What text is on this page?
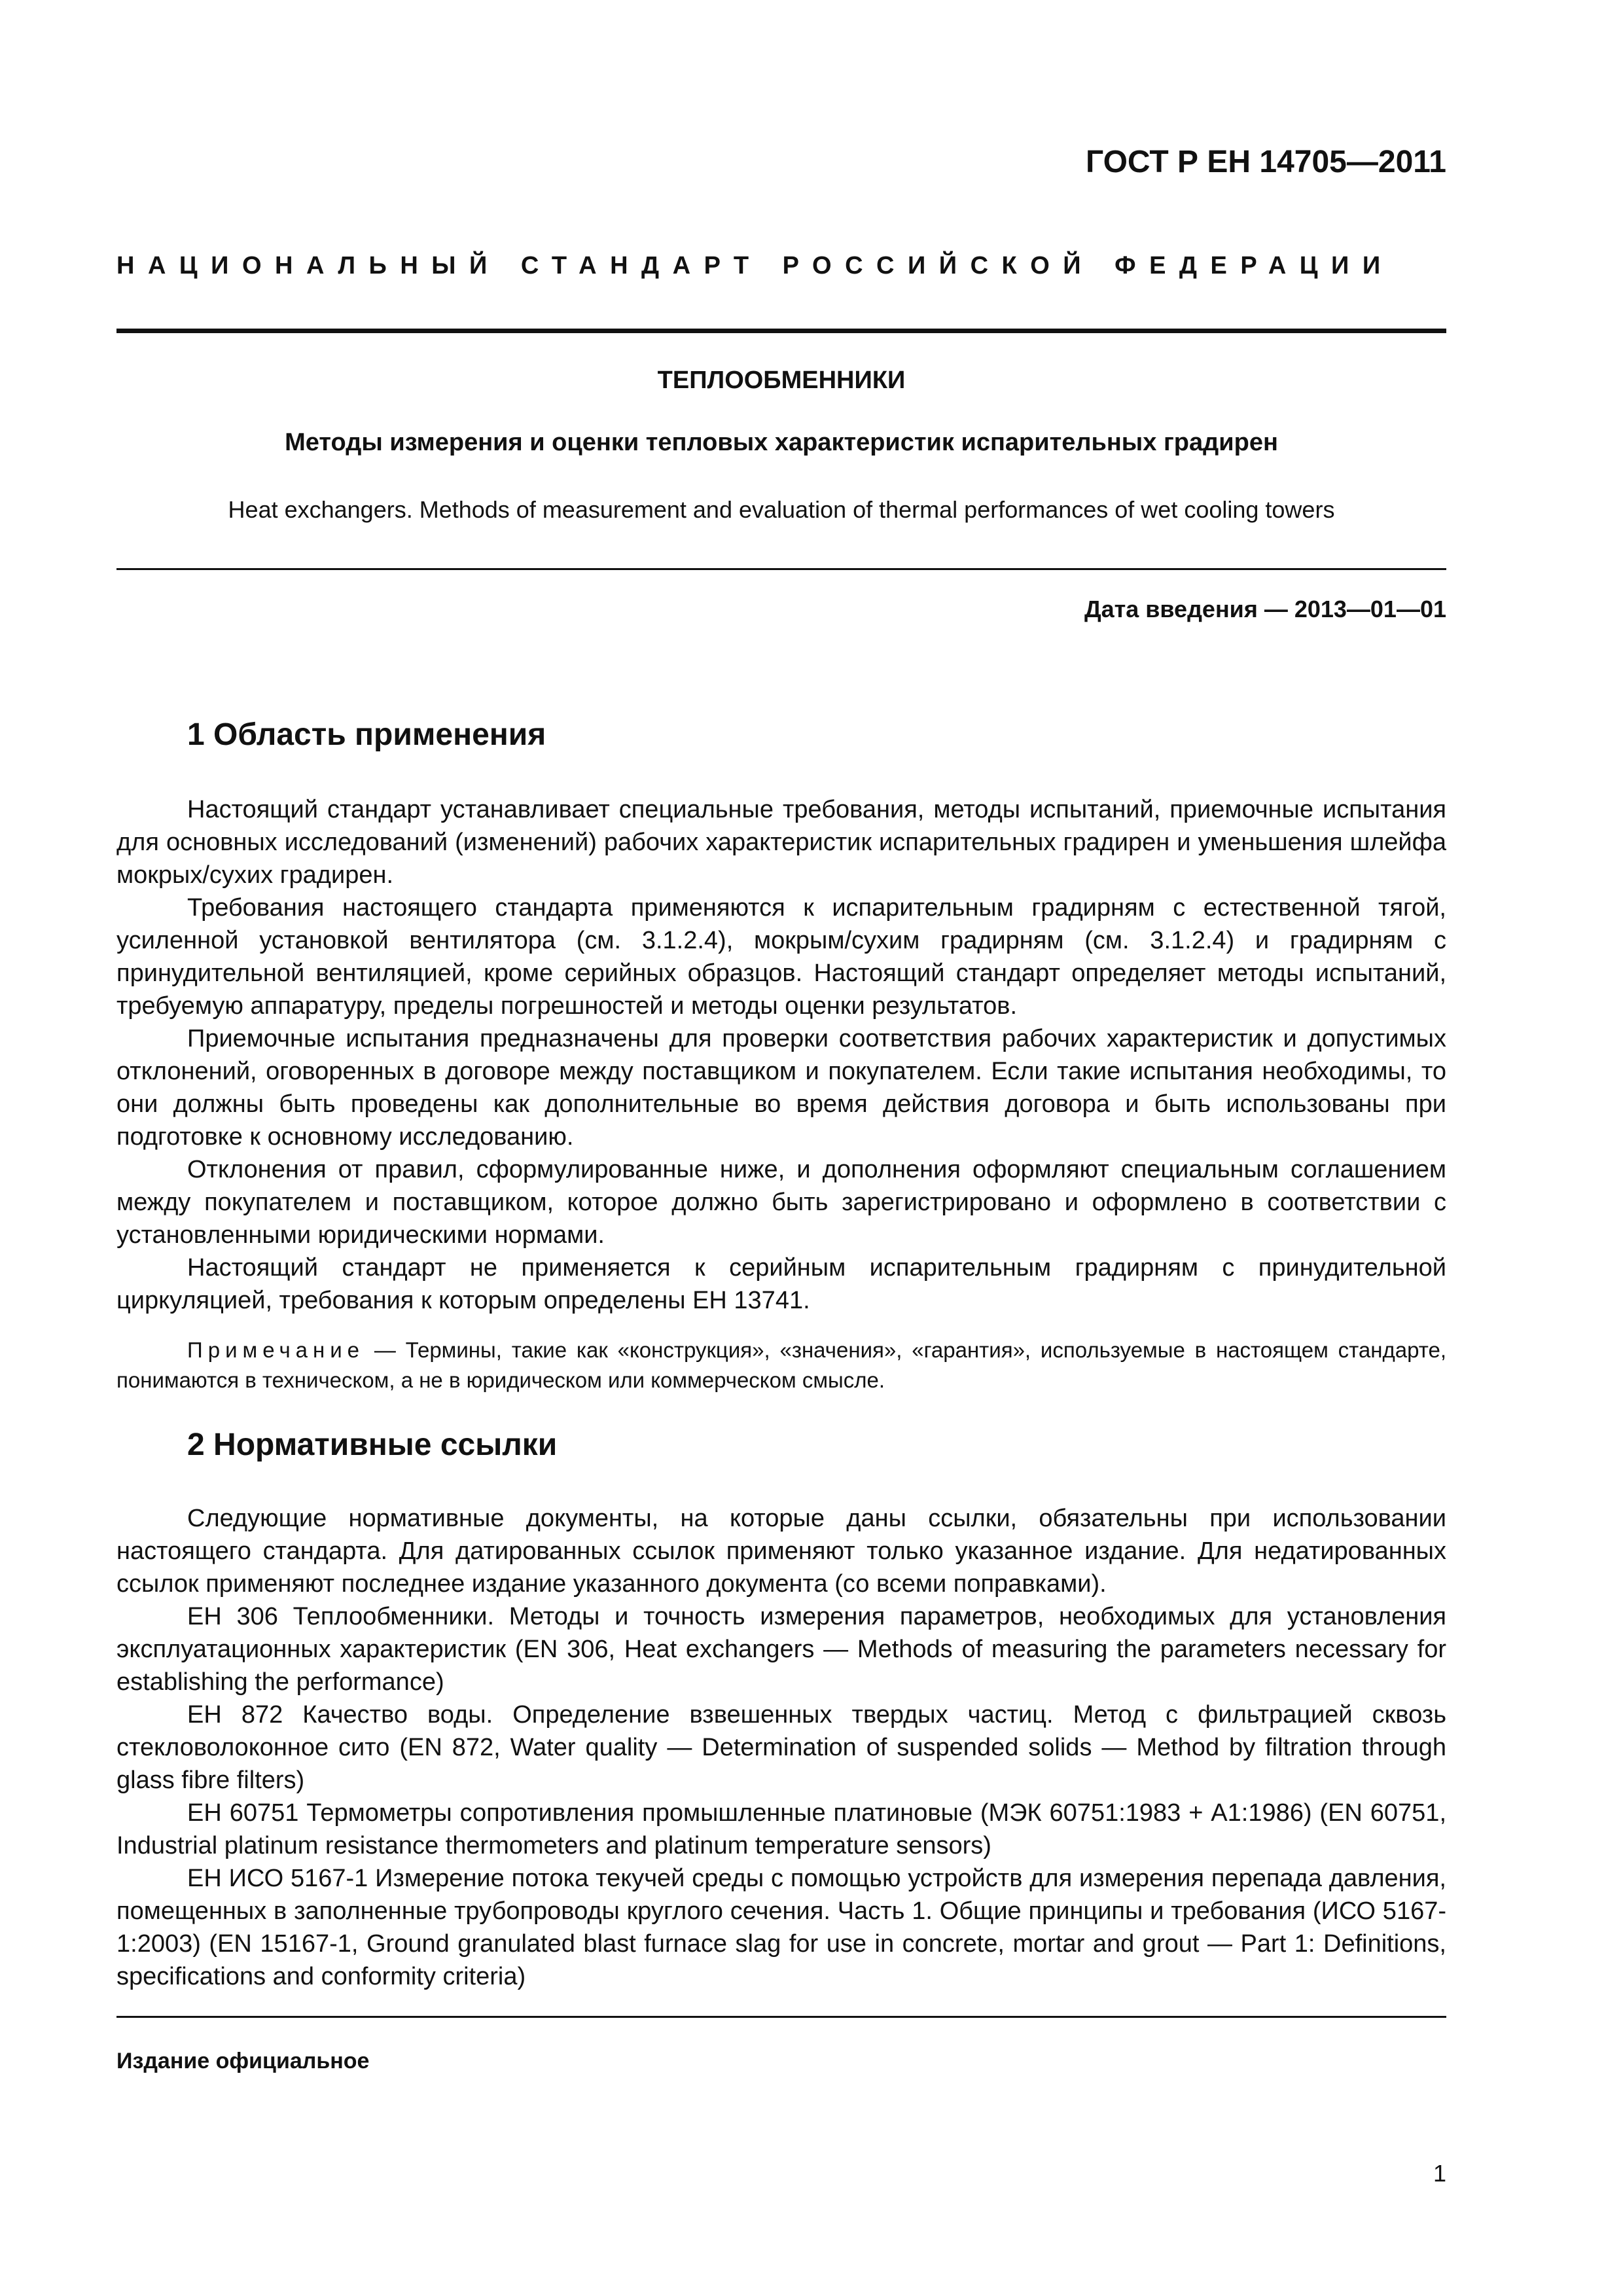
ГОСТ Р ЕН 14705—2011
НАЦИОНАЛЬНЫЙ СТАНДАРТ РОССИЙСКОЙ ФЕДЕРАЦИИ
ТЕПЛООБМЕННИКИ
Методы измерения и оценки тепловых характеристик испарительных градирен
Heat exchangers. Methods of measurement and evaluation of thermal performances of wet cooling towers
Дата введения — 2013—01—01
1 Область применения

Настоящий стандарт устанавливает специальные требования, методы испытаний, приемочные испытания для основных исследований (изменений) рабочих характеристик испарительных градирен и уменьшения шлейфа мокрых/сухих градирен.

Требования настоящего стандарта применяются к испарительным градирням с естественной тягой, усиленной установкой вентилятора (см. 3.1.2.4), мокрым/сухим градирням (см. 3.1.2.4) и градирням с принудительной вентиляцией, кроме серийных образцов. Настоящий стандарт определяет методы испытаний, требуемую аппаратуру, пределы погрешностей и методы оценки результатов.

Приемочные испытания предназначены для проверки соответствия рабочих характеристик и допустимых отклонений, оговоренных в договоре между поставщиком и покупателем. Если такие испытания необходимы, то они должны быть проведены как дополнительные во время действия договора и быть использованы при подготовке к основному исследованию.

Отклонения от правил, сформулированные ниже, и дополнения оформляют специальным соглашением между покупателем и поставщиком, которое должно быть зарегистрировано и оформлено в соответствии с установленными юридическими нормами.

Настоящий стандарт не применяется к серийным испарительным градирням с принудительной циркуляцией, требования к которым определены ЕН 13741.

Примечание — Термины, такие как «конструкция», «значения», «гарантия», используемые в настоящем стандарте, понимаются в техническом, а не в юридическом или коммерческом смысле.

2 Нормативные ссылки

Следующие нормативные документы, на которые даны ссылки, обязательны при использовании настоящего стандарта. Для датированных ссылок применяют только указанное издание. Для недатированных ссылок применяют последнее издание указанного документа (со всеми поправками).

ЕН 306 Теплообменники. Методы и точность измерения параметров, необходимых для установления эксплуатационных характеристик (EN 306, Heat exchangers — Methods of measuring the parameters necessary for establishing the performance)

ЕН 872 Качество воды. Определение взвешенных твердых частиц. Метод с фильтрацией сквозь стекловолоконное сито (EN 872, Water quality — Determination of suspended solids — Method by filtration through glass fibre filters)

ЕН 60751 Термометры сопротивления промышленные платиновые (МЭК 60751:1983 + А1:1986) (EN 60751, Industrial platinum resistance thermometers and platinum temperature sensors)

ЕН ИСО 5167-1 Измерение потока текучей среды с помощью устройств для измерения перепада давления, помещенных в заполненные трубопроводы круглого сечения. Часть 1. Общие принципы и требования (ИСО 5167-1:2003) (EN 15167-1, Ground granulated blast furnace slag for use in concrete, mortar and grout — Part 1: Definitions, specifications and conformity criteria)

Издание официальное
1
